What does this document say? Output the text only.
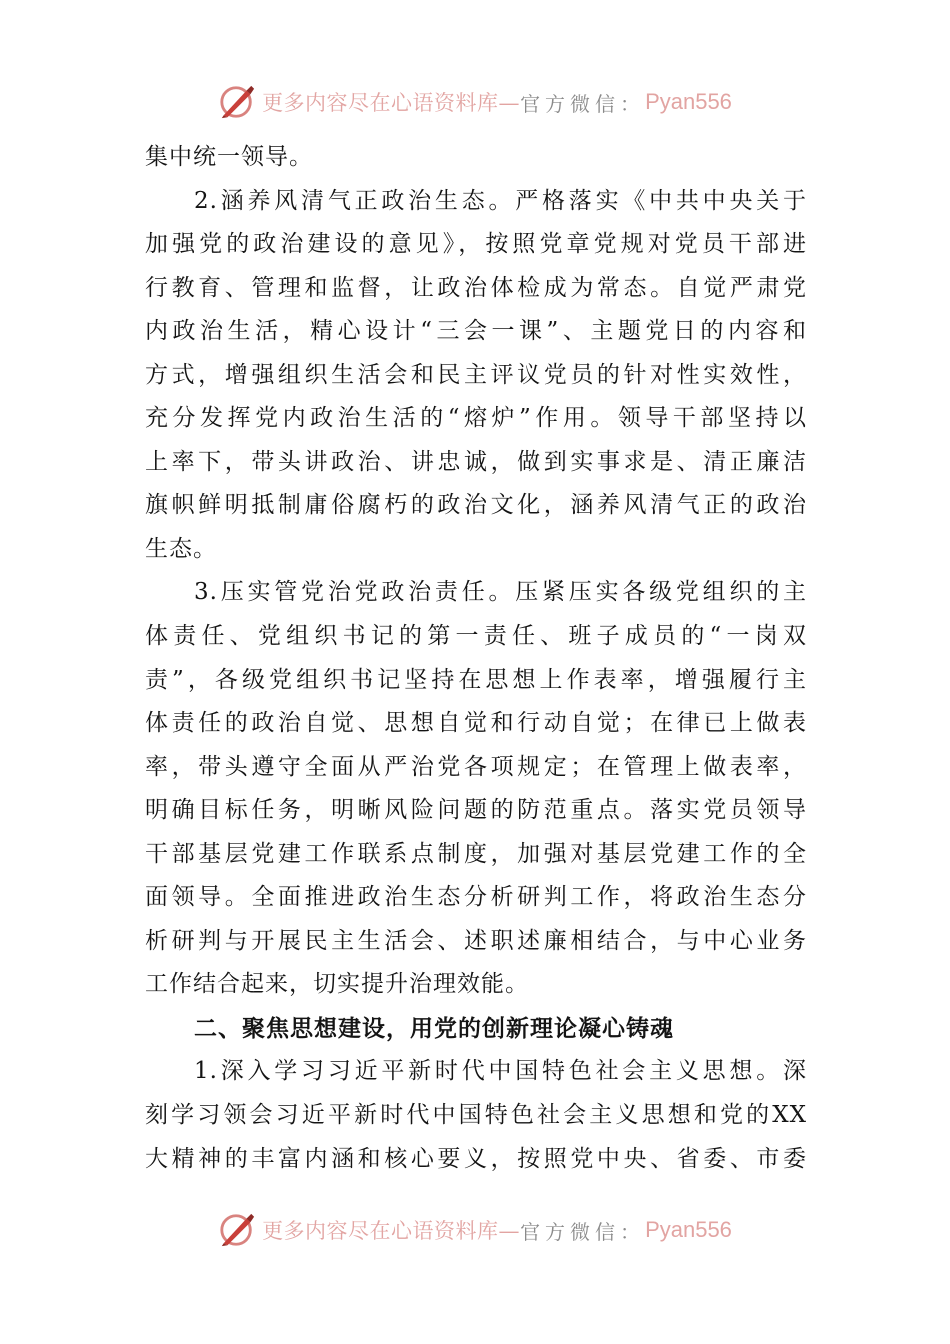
更多内容尽在心语资料库— 官方微信： Pyan556
集中统一领导。
2.涵养风清气正政治生态。严格落实《中共中央关于
加强党的政治建设的意见》，按照党章党规对党员干部进
行教育、管理和监督，让政治体检成为常态。自觉严肃党
内政治生活，精心设计“三会一课”、主题党日的内容和
方式，增强组织生活会和民主评议党员的针对性实效性，
充分发挥党内政治生活的“熔炉”作用。领导干部坚持以
上率下，带头讲政治、讲忠诚，做到实事求是、清正廉洁
旗帜鲜明抵制庸俗腐朽的政治文化，涵养风清气正的政治
生态。
3.压实管党治党政治责任。压紧压实各级党组织的主
体责任、党组织书记的第一责任、班子成员的“一岗双
责”，各级党组织书记坚持在思想上作表率，增强履行主
体责任的政治自觉、思想自觉和行动自觉；在律已上做表
率，带头遵守全面从严治党各项规定；在管理上做表率，
明确目标任务，明晰风险问题的防范重点。落实党员领导
干部基层党建工作联系点制度，加强对基层党建工作的全
面领导。全面推进政治生态分析研判工作，将政治生态分
析研判与开展民主生活会、述职述廉相结合，与中心业务
工作结合起来，切实提升治理效能。
二、聚焦思想建设，用党的创新理论凝心铸魂
1.深入学习习近平新时代中国特色社会主义思想。深
刻学习领会习近平新时代中国特色社会主义思想和党的XX
大精神的丰富内涵和核心要义，按照党中央、省委、市委
更多内容尽在心语资料库— 官方微信： Pyan556
